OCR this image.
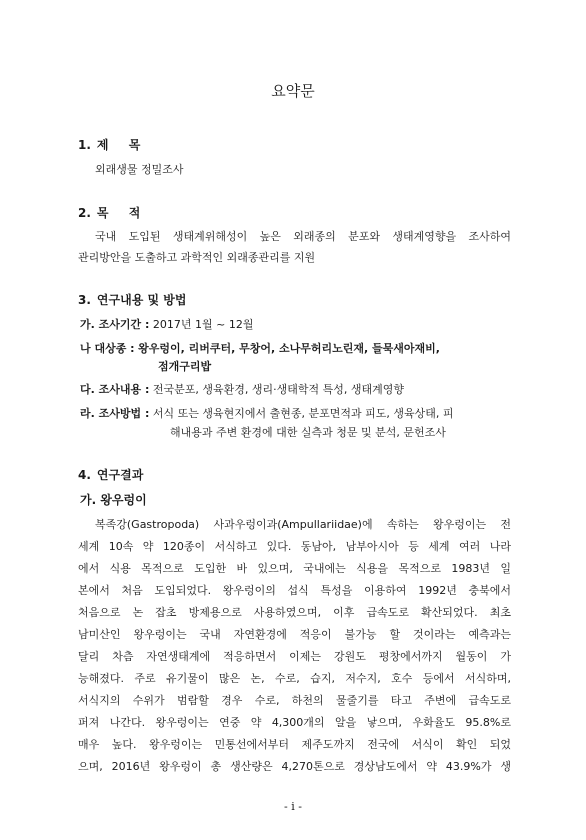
요약문
1. 제 목
외래생물 정밀조사
2. 목 적
국내 도입된 생태계위해성이 높은 외래종의 분포와 생태계영향을 조사하여
관리방안을 도출하고 과학적인 외래종관리를 지원
3. 연구내용 및 방법
가. 조사기간 : 2017년 1월 ~ 12월
나 대상종 : 왕우렁이, 리버쿠터, 무창어, 소나무허리노린재, 들묵새아재비,
점개구리밥
다. 조사내용 : 전국분포, 생육환경, 생리·생태학적 특성, 생태계영향
라. 조사방법 : 서식 또는 생육현지에서 출현종, 분포면적과 피도, 생육상태, 피
해내용과 주변 환경에 대한 실측과 청문 및 분석, 문헌조사
4. 연구결과
가. 왕우렁이
복족강(Gastropoda) 사과우렁이과(Ampullariidae)에 속하는 왕우렁이는 전
세계 10속 약 120종이 서식하고 있다. 동남아, 남부아시아 등 세계 여러 나라
에서 식용 목적으로 도입한 바 있으며, 국내에는 식용을 목적으로 1983년 일
본에서 처음 도입되었다. 왕우렁이의 섭식 특성을 이용하여 1992년 충북에서
처음으로 논 잡초 방제용으로 사용하였으며, 이후 급속도로 확산되었다. 최초
남미산인 왕우렁이는 국내 자연환경에 적응이 불가능 할 것이라는 예측과는
달리 차츰 자연생태계에 적응하면서 이제는 강원도 평창에서까지 월동이 가
능해졌다. 주로 유기물이 많은 논, 수로, 습지, 저수지, 호수 등에서 서식하며,
서식지의 수위가 범람할 경우 수로, 하천의 물줄기를 타고 주변에 급속도로
퍼져 나간다. 왕우렁이는 연중 약 4,300개의 알을 낳으며, 우화율도 95.8%로
매우 높다. 왕우렁이는 민통선에서부터 제주도까지 전국에 서식이 확인 되었
으며, 2016년 왕우렁이 총 생산량은 4,270톤으로 경상남도에서 약 43.9%가 생
- i -
